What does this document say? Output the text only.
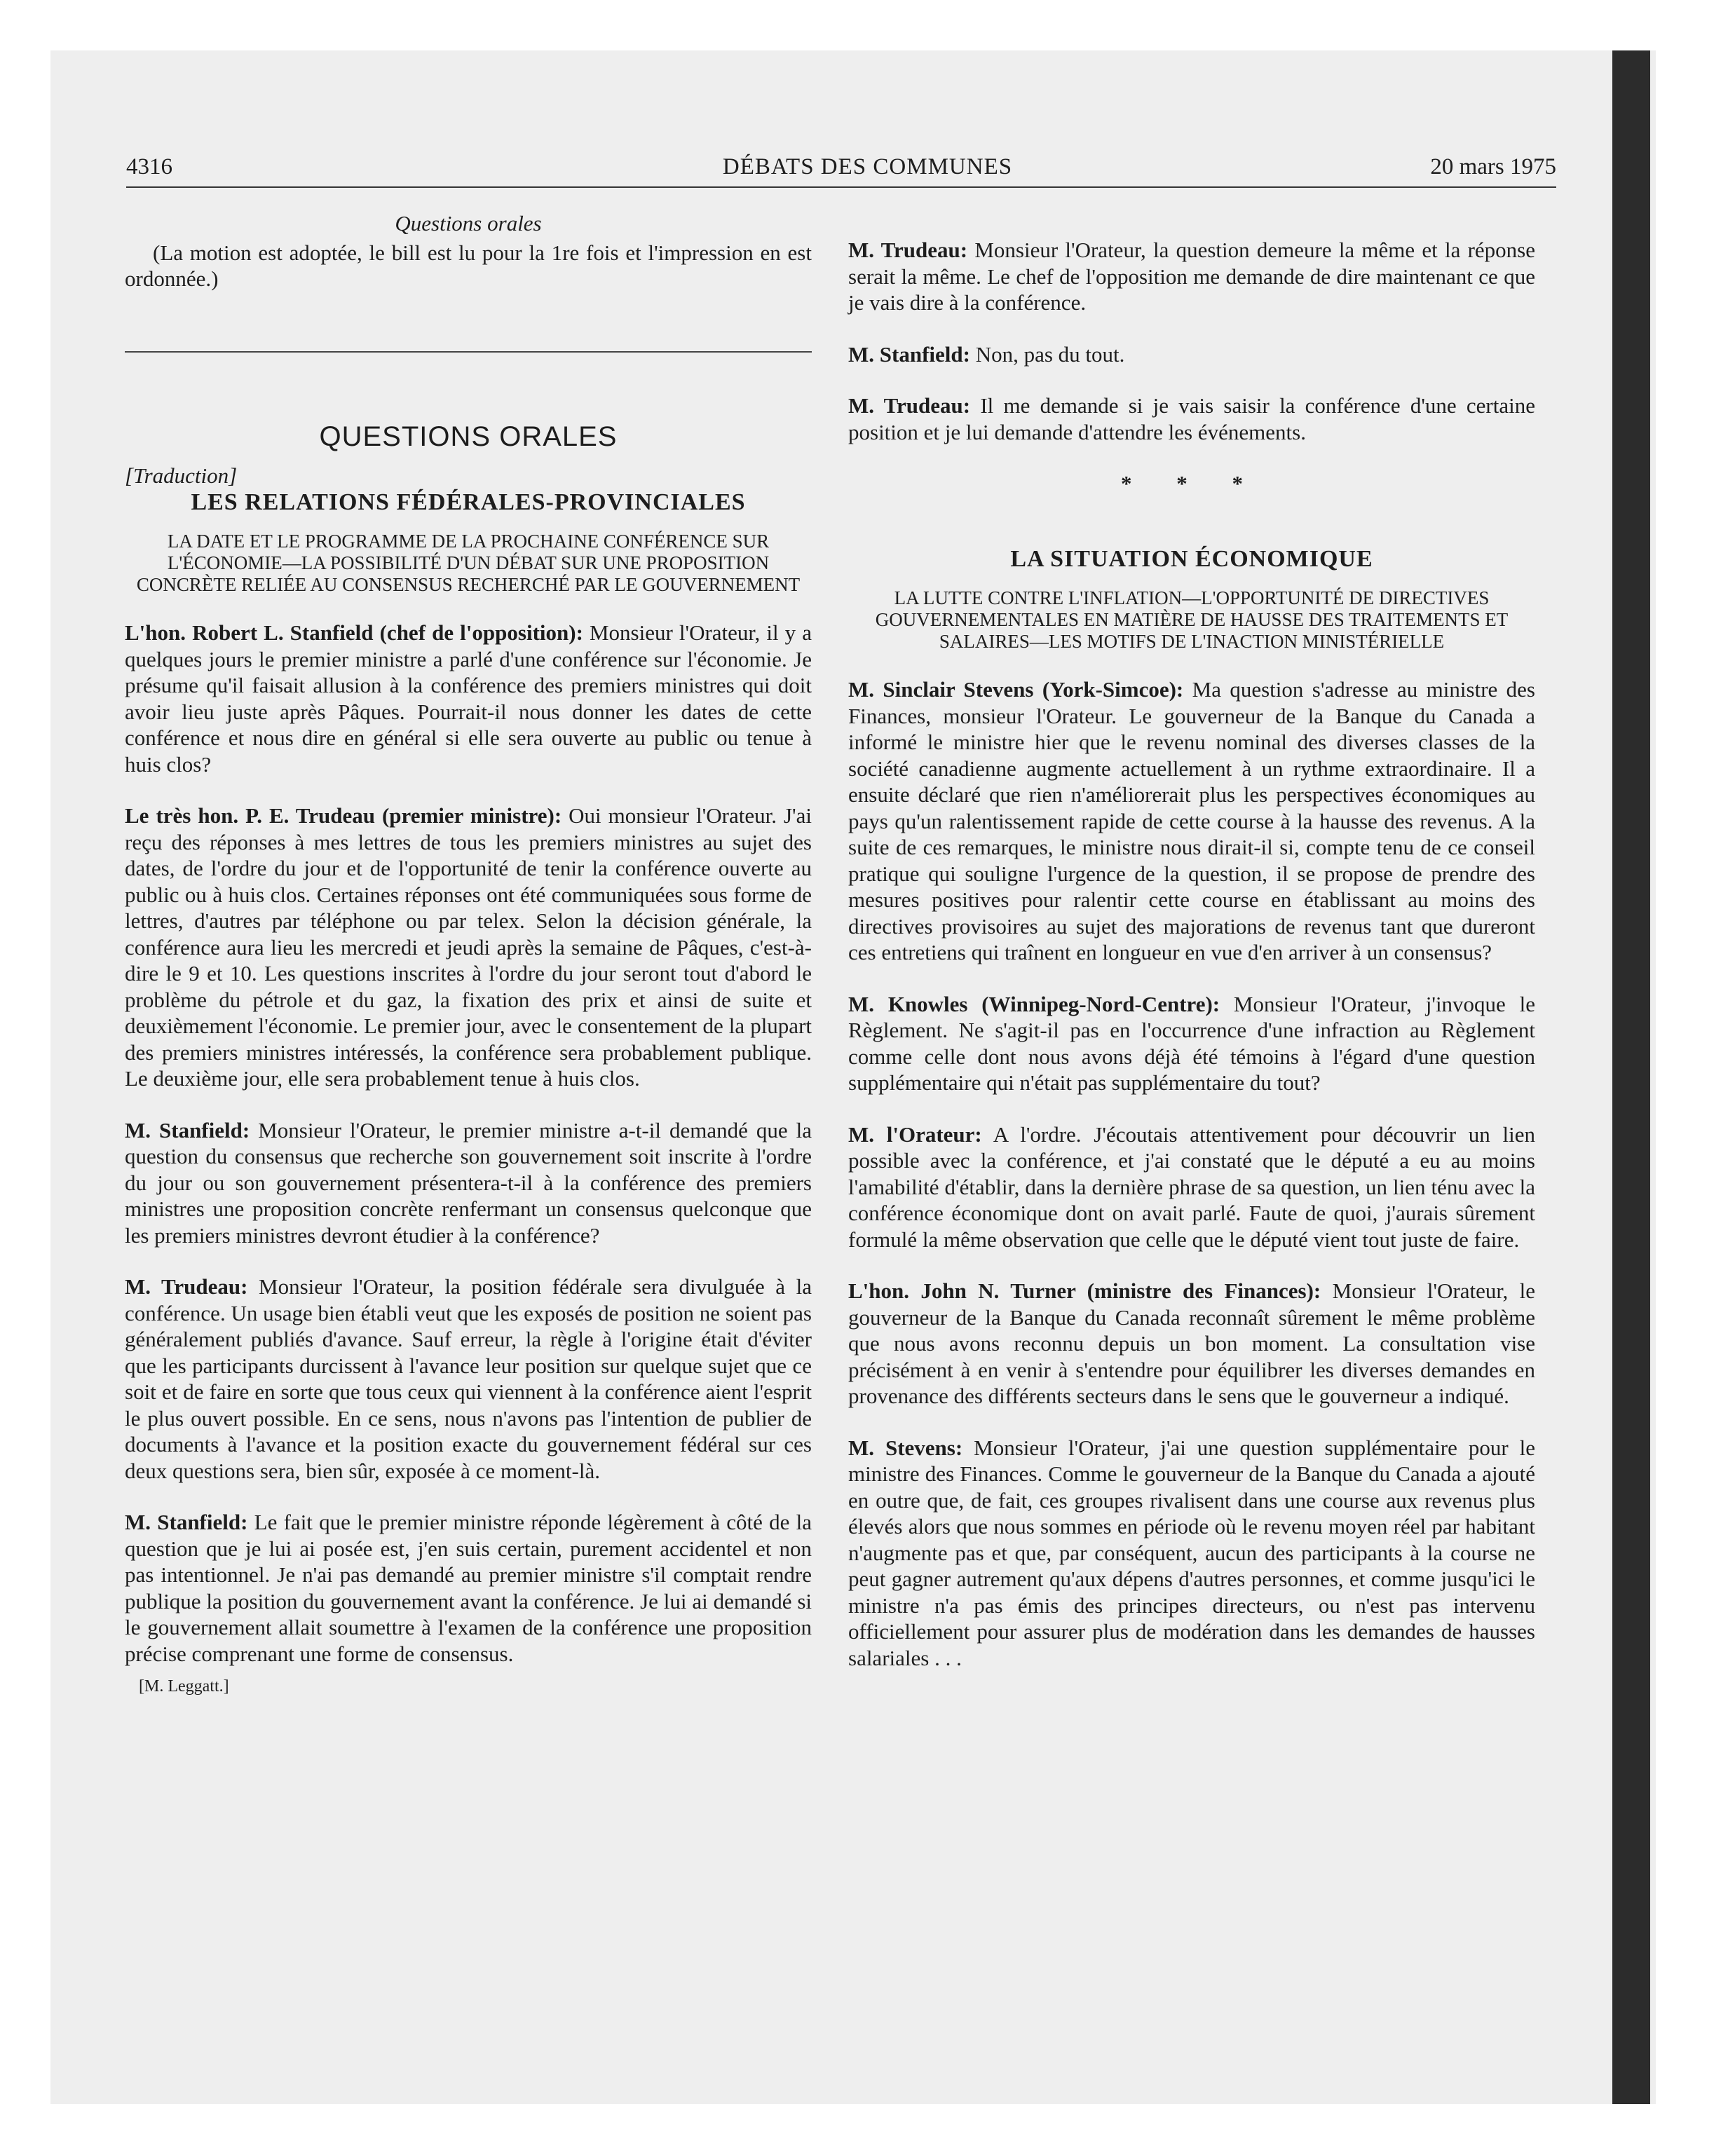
4316	DÉBATS DES COMMUNES	20 mars 1975
Questions orales

(La motion est adoptée, le bill est lu pour la 1re fois et l'impression en est ordonnée.)

QUESTIONS ORALES

[Traduction]

LES RELATIONS FÉDÉRALES-PROVINCIALES
LA DATE ET LE PROGRAMME DE LA PROCHAINE CONFÉRENCE SUR L'ÉCONOMIE—LA POSSIBILITÉ D'UN DÉBAT SUR UNE PROPOSITION CONCRÈTE RELIÉE AU CONSENSUS RECHERCHÉ PAR LE GOUVERNEMENT

L'hon. Robert L. Stanfield (chef de l'opposition): Monsieur l'Orateur, il y a quelques jours le premier ministre a parlé d'une conférence sur l'économie. Je présume qu'il faisait allusion à la conférence des premiers ministres qui doit avoir lieu juste après Pâques. Pourrait-il nous donner les dates de cette conférence et nous dire en général si elle sera ouverte au public ou tenue à huis clos?

Le très hon. P. E. Trudeau (premier ministre): Oui monsieur l'Orateur. J'ai reçu des réponses à mes lettres de tous les premiers ministres au sujet des dates, de l'ordre du jour et de l'opportunité de tenir la conférence ouverte au public ou à huis clos. Certaines réponses ont été communiquées sous forme de lettres, d'autres par téléphone ou par telex. Selon la décision générale, la conférence aura lieu les mercredi et jeudi après la semaine de Pâques, c'est-à-dire le 9 et 10. Les questions inscrites à l'ordre du jour seront tout d'abord le problème du pétrole et du gaz, la fixation des prix et ainsi de suite et deuxièmement l'économie. Le premier jour, avec le consentement de la plupart des premiers ministres intéressés, la conférence sera probablement publique. Le deuxième jour, elle sera probablement tenue à huis clos.

M. Stanfield: Monsieur l'Orateur, le premier ministre a-t-il demandé que la question du consensus que recherche son gouvernement soit inscrite à l'ordre du jour ou son gouvernement présentera-t-il à la conférence des premiers ministres une proposition concrète renfermant un consensus quelconque que les premiers ministres devront étudier à la conférence?

M. Trudeau: Monsieur l'Orateur, la position fédérale sera divulguée à la conférence. Un usage bien établi veut que les exposés de position ne soient pas généralement publiés d'avance. Sauf erreur, la règle à l'origine était d'éviter que les participants durcissent à l'avance leur position sur quelque sujet que ce soit et de faire en sorte que tous ceux qui viennent à la conférence aient l'esprit le plus ouvert possible. En ce sens, nous n'avons pas l'intention de publier de documents à l'avance et la position exacte du gouvernement fédéral sur ces deux questions sera, bien sûr, exposée à ce moment-là.

M. Stanfield: Le fait que le premier ministre réponde légèrement à côté de la question que je lui ai posée est, j'en suis certain, purement accidentel et non pas intentionnel. Je n'ai pas demandé au premier ministre s'il comptait rendre publique la position du gouvernement avant la conférence. Je lui ai demandé si le gouvernement allait soumettre à l'examen de la conférence une proposition précise comprenant une forme de consensus.

[M. Leggatt.]

M. Trudeau: Monsieur l'Orateur, la question demeure la même et la réponse serait la même. Le chef de l'opposition me demande de dire maintenant ce que je vais dire à la conférence.

M. Stanfield: Non, pas du tout.

M. Trudeau: Il me demande si je vais saisir la conférence d'une certaine position et je lui demande d'attendre les événements.

* * *
LA SITUATION ÉCONOMIQUE
LA LUTTE CONTRE L'INFLATION—L'OPPORTUNITÉ DE DIRECTIVES GOUVERNEMENTALES EN MATIÈRE DE HAUSSE DES TRAITEMENTS ET SALAIRES—LES MOTIFS DE L'INACTION MINISTÉRIELLE

M. Sinclair Stevens (York-Simcoe): Ma question s'adresse au ministre des Finances, monsieur l'Orateur. Le gouverneur de la Banque du Canada a informé le ministre hier que le revenu nominal des diverses classes de la société canadienne augmente actuellement à un rythme extraordinaire. Il a ensuite déclaré que rien n'améliorerait plus les perspectives économiques au pays qu'un ralentissement rapide de cette course à la hausse des revenus. A la suite de ces remarques, le ministre nous dirait-il si, compte tenu de ce conseil pratique qui souligne l'urgence de la question, il se propose de prendre des mesures positives pour ralentir cette course en établissant au moins des directives provisoires au sujet des majorations de revenus tant que dureront ces entretiens qui traînent en longueur en vue d'en arriver à un consensus?

M. Knowles (Winnipeg-Nord-Centre): Monsieur l'Orateur, j'invoque le Règlement. Ne s'agit-il pas en l'occurrence d'une infraction au Règlement comme celle dont nous avons déjà été témoins à l'égard d'une question supplémentaire qui n'était pas supplémentaire du tout?

M. l'Orateur: A l'ordre. J'écoutais attentivement pour découvrir un lien possible avec la conférence, et j'ai constaté que le député a eu au moins l'amabilité d'établir, dans la dernière phrase de sa question, un lien ténu avec la conférence économique dont on avait parlé. Faute de quoi, j'aurais sûrement formulé la même observation que celle que le député vient tout juste de faire.

L'hon. John N. Turner (ministre des Finances): Monsieur l'Orateur, le gouverneur de la Banque du Canada reconnaît sûrement le même problème que nous avons reconnu depuis un bon moment. La consultation vise précisément à en venir à s'entendre pour équilibrer les diverses demandes en provenance des différents secteurs dans le sens que le gouverneur a indiqué.

M. Stevens: Monsieur l'Orateur, j'ai une question supplémentaire pour le ministre des Finances. Comme le gouverneur de la Banque du Canada a ajouté en outre que, de fait, ces groupes rivalisent dans une course aux revenus plus élevés alors que nous sommes en période où le revenu moyen réel par habitant n'augmente pas et que, par conséquent, aucun des participants à la course ne peut gagner autrement qu'aux dépens d'autres personnes, et comme jusqu'ici le ministre n'a pas émis des principes directeurs, ou n'est pas intervenu officiellement pour assurer plus de modération dans les demandes de hausses salariales . . .
